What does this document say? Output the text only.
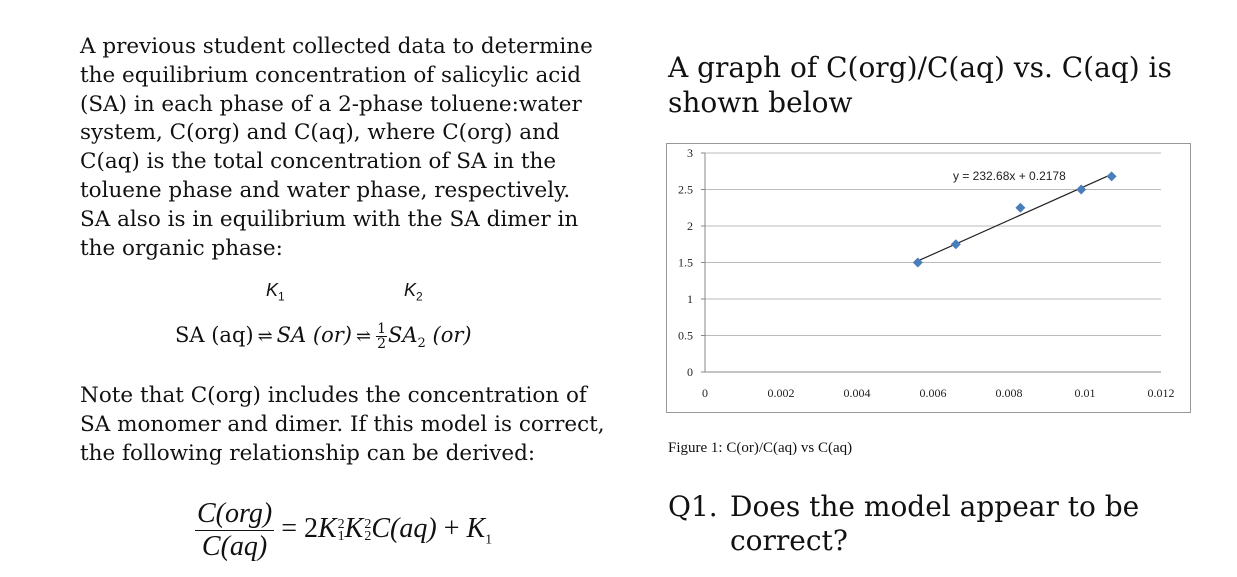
A previous student collected data to determine the equilibrium concentration of salicylic acid (SA) in each phase of a 2-phase toluene:water system, C(org) and C(aq), where C(org) and C(aq) is the total concentration of SA in the toluene phase and water phase, respectively. SA also is in equilibrium with the SA dimer in the organic phase:
$K_1$	$K_2$
SA (aq) ⇌ SA (or) ⇌ $\frac{1}{2} SA_2$ (or)
Note that C(org) includes the concentration of SA monomer and dimer. If this model is correct, the following relationship can be derived:
C(org)
C(aq)
= 2K 2
1 K 2
2 $C(aq) + K_1$
A graph of C(org)/C(aq) vs. C(aq) is shown below
0
0.5
1
1.5
2
2.5
3
0	0.002	0.004	0.006	0.008	0.01	0.012
y = 232.68x + 0.2178
Figure 1: C(or)/C(aq) vs C(aq)
Q1. Does the model appear to be
correct?
